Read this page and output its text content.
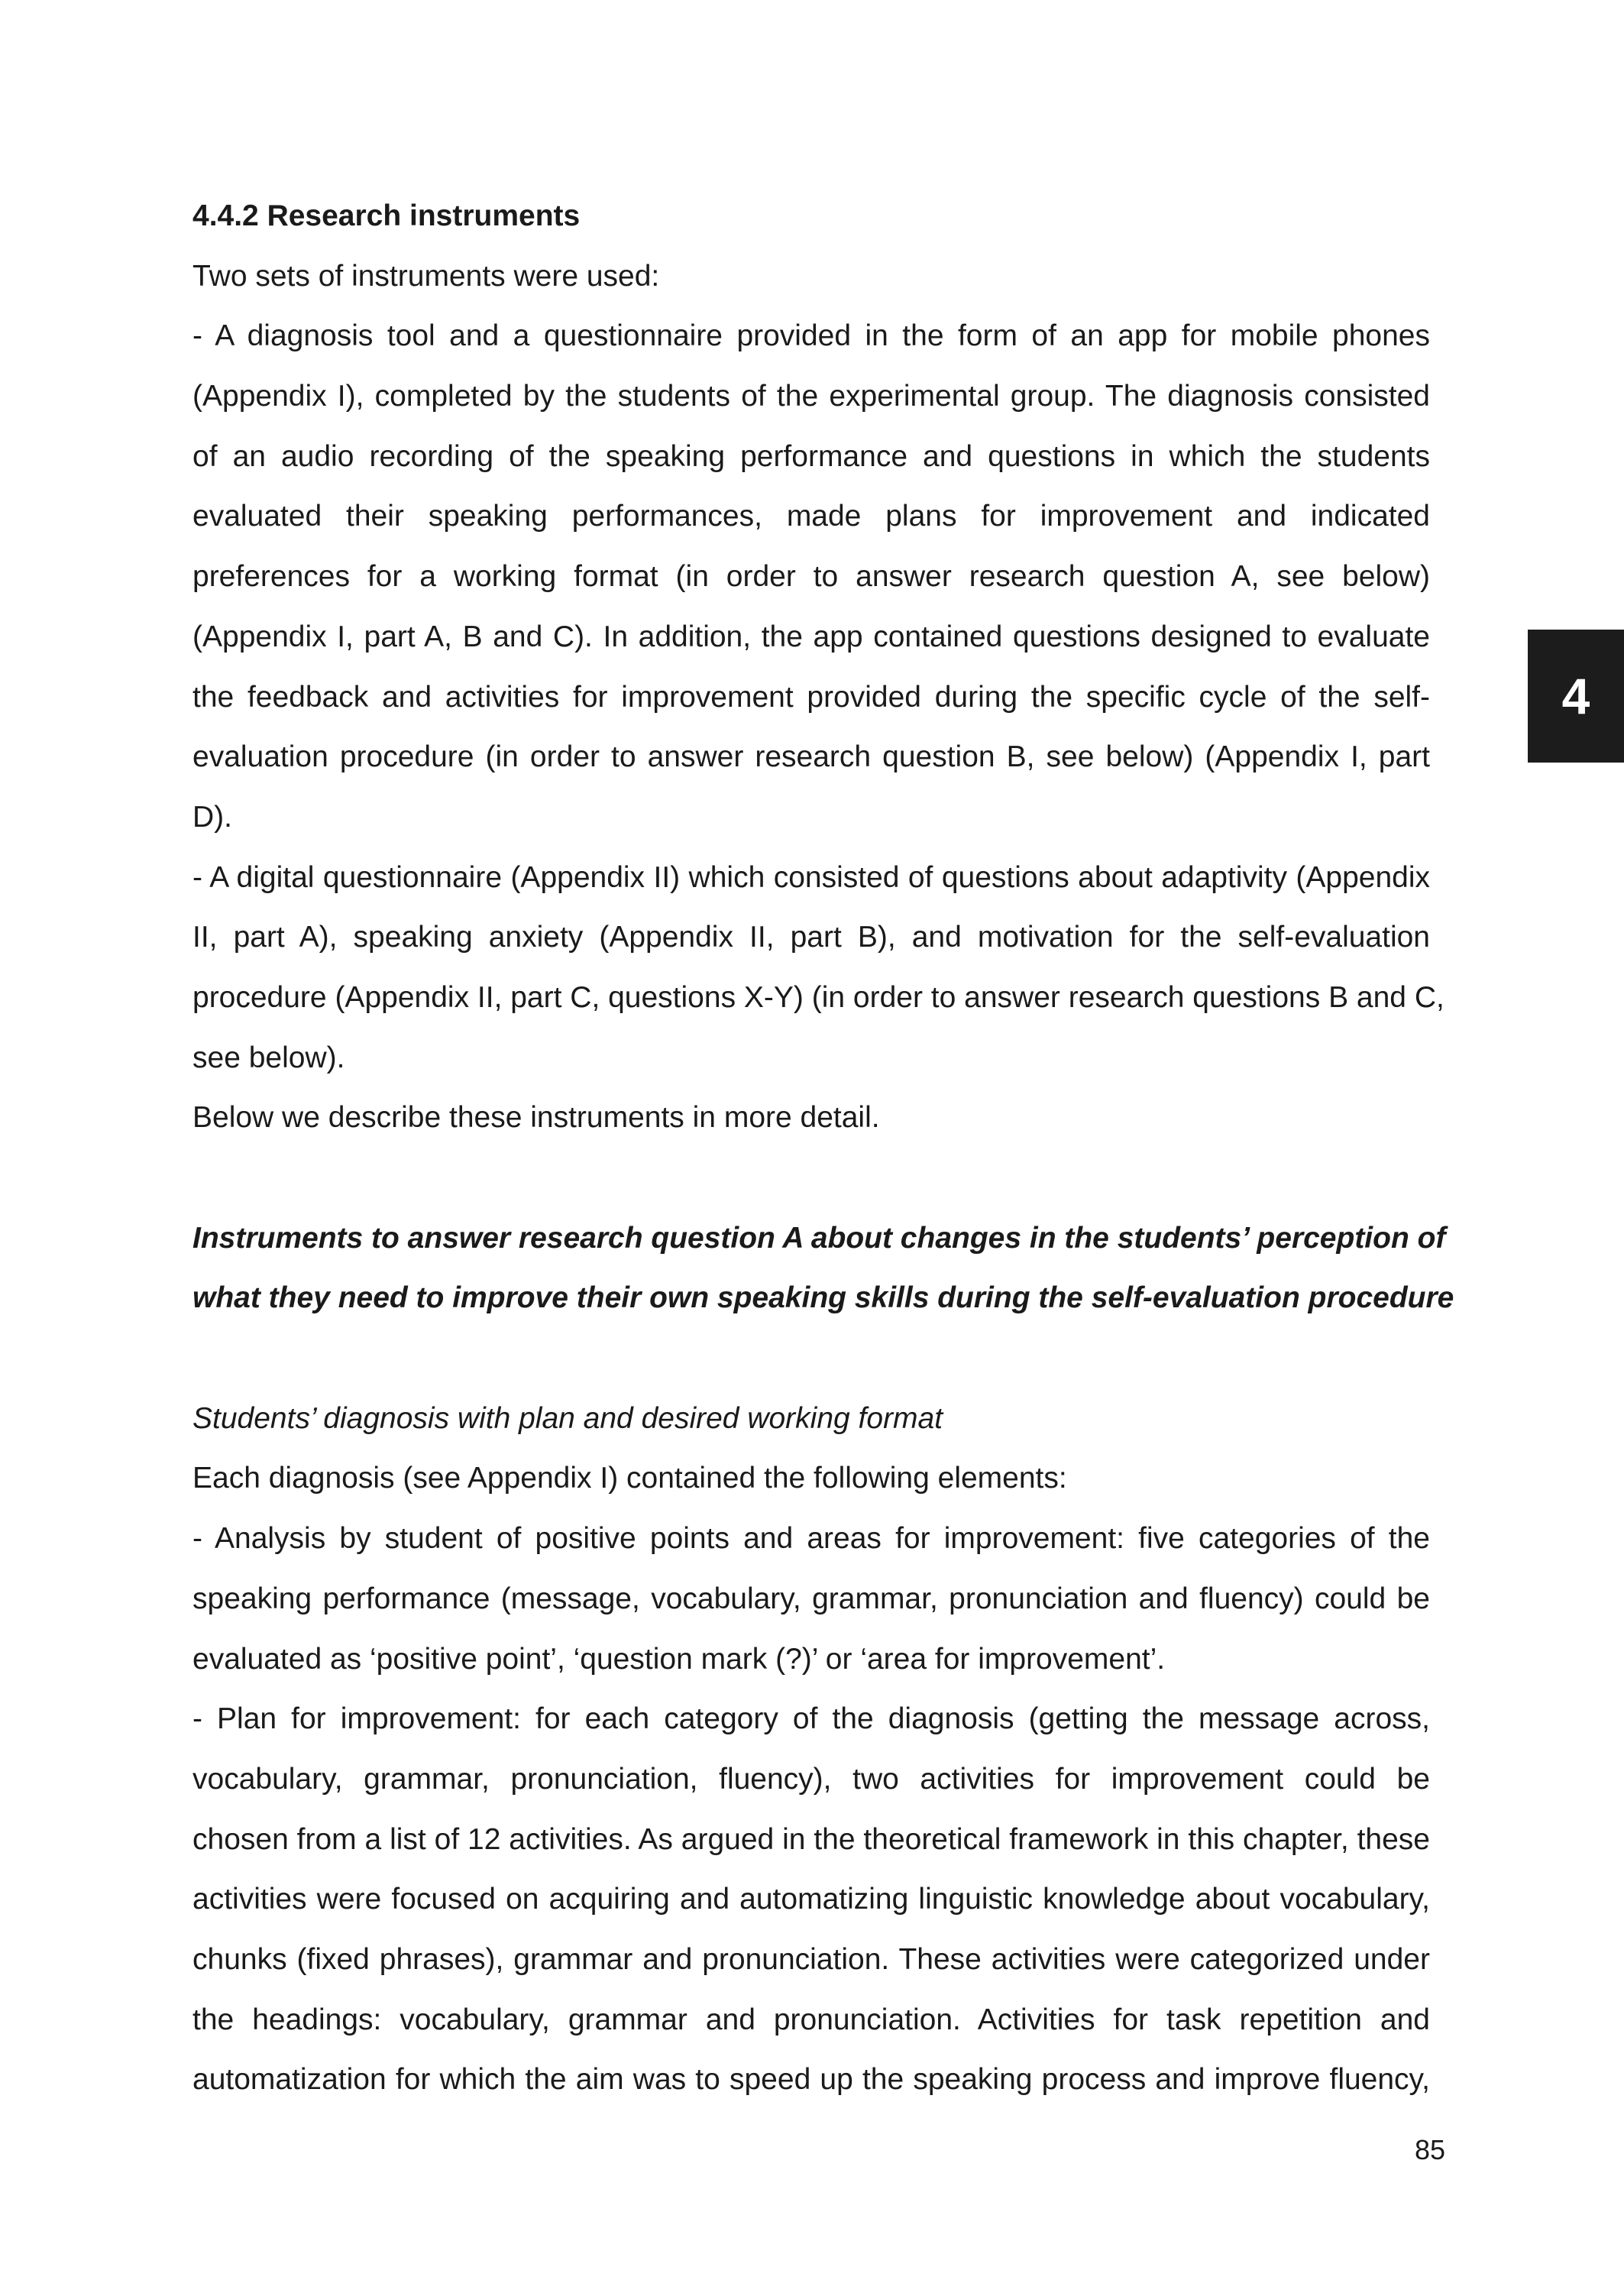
4
4.4.2 Research instruments
Two sets of instruments were used:
- A diagnosis tool and a questionnaire provided in the form of an app for mobile phones
(Appendix I), completed by the students of the experimental group. The diagnosis consisted
of an audio recording of the speaking performance and questions in which the students
evaluated their speaking performances, made plans for improvement and indicated
preferences for a working format (in order to answer research question A, see below)
(Appendix I, part A, B and C). In addition, the app contained questions designed to evaluate
the feedback and activities for improvement provided during the specific cycle of the self-
evaluation procedure (in order to answer research question B, see below) (Appendix I, part
D).
- A digital questionnaire (Appendix II) which consisted of questions about adaptivity (Appendix
II, part A), speaking anxiety (Appendix II, part B), and motivation for the self-evaluation
procedure (Appendix II, part C, questions X-Y) (in order to answer research questions B and C,
see below).
Below we describe these instruments in more detail.
Instruments to answer research question A about changes in the students’ perception of
what they need to improve their own speaking skills during the self-evaluation procedure
Students’ diagnosis with plan and desired working format
Each diagnosis (see Appendix I) contained the following elements:
- Analysis by student of positive points and areas for improvement: five categories of the
speaking performance (message, vocabulary, grammar, pronunciation and fluency) could be
evaluated as ‘positive point’, ‘question mark (?)’ or ‘area for improvement’.
- Plan for improvement: for each category of the diagnosis (getting the message across,
vocabulary, grammar, pronunciation, fluency), two activities for improvement could be
chosen from a list of 12 activities. As argued in the theoretical framework in this chapter, these
activities were focused on acquiring and automatizing linguistic knowledge about vocabulary,
chunks (fixed phrases), grammar and pronunciation. These activities were categorized under
the headings: vocabulary, grammar and pronunciation. Activities for task repetition and
automatization for which the aim was to speed up the speaking process and improve fluency,
85
